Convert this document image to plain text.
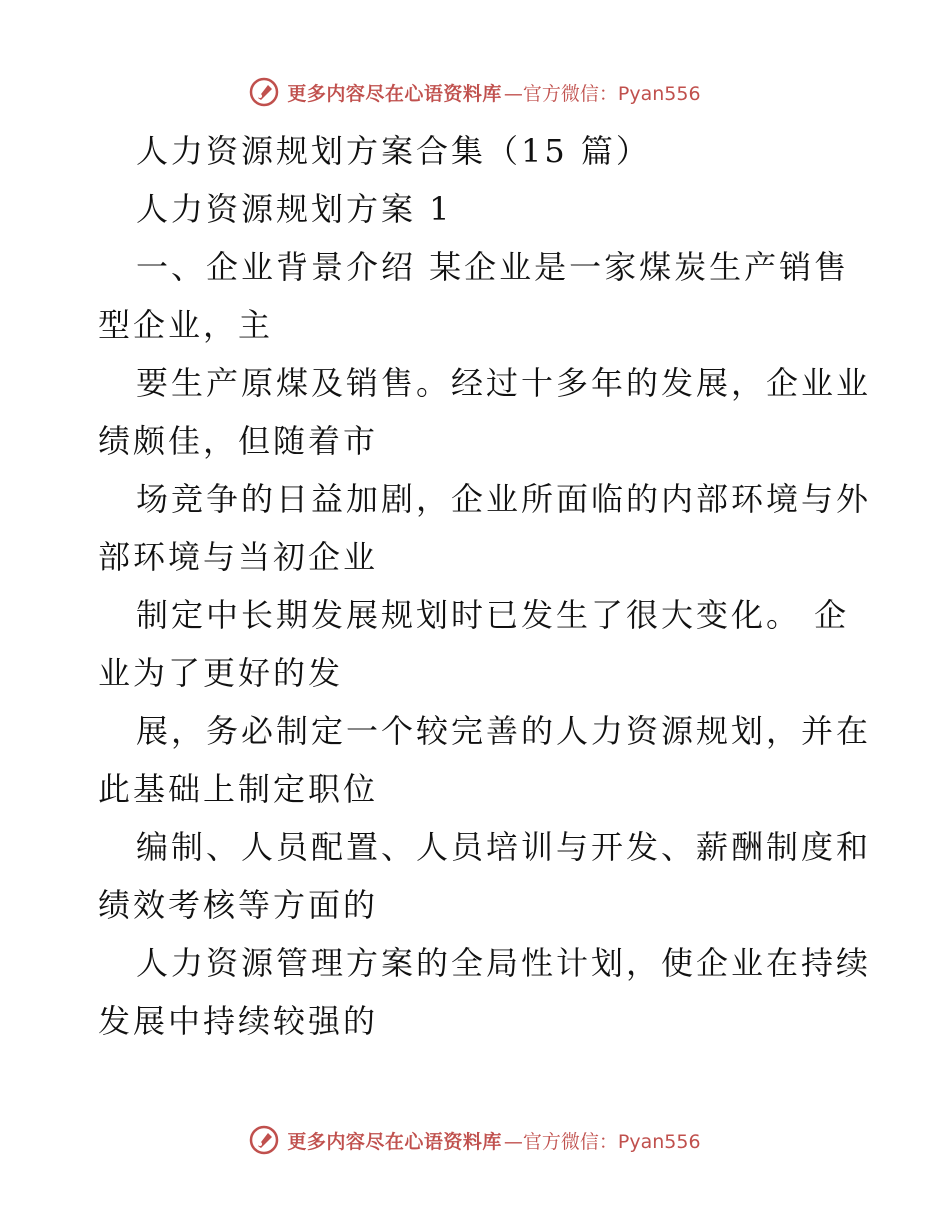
更多内容尽在心语资料库 —官方微信：Pyan556
人力资源规划方案合集（15 篇）
人力资源规划方案 1
一、企业背景介绍 某企业是一家煤炭生产销售
型企业，主
要生产原煤及销售。经过十多年的发展，企业业
绩颇佳，但随着市
场竞争的日益加剧，企业所面临的内部环境与外
部环境与当初企业
制定中长期发展规划时已发生了很大变化。 企
业为了更好的发
展，务必制定一个较完善的人力资源规划，并在
此基础上制定职位
编制、人员配置、人员培训与开发、薪酬制度和
绩效考核等方面的
人力资源管理方案的全局性计划，使企业在持续
发展中持续较强的
更多内容尽在心语资料库 —官方微信：Pyan556
